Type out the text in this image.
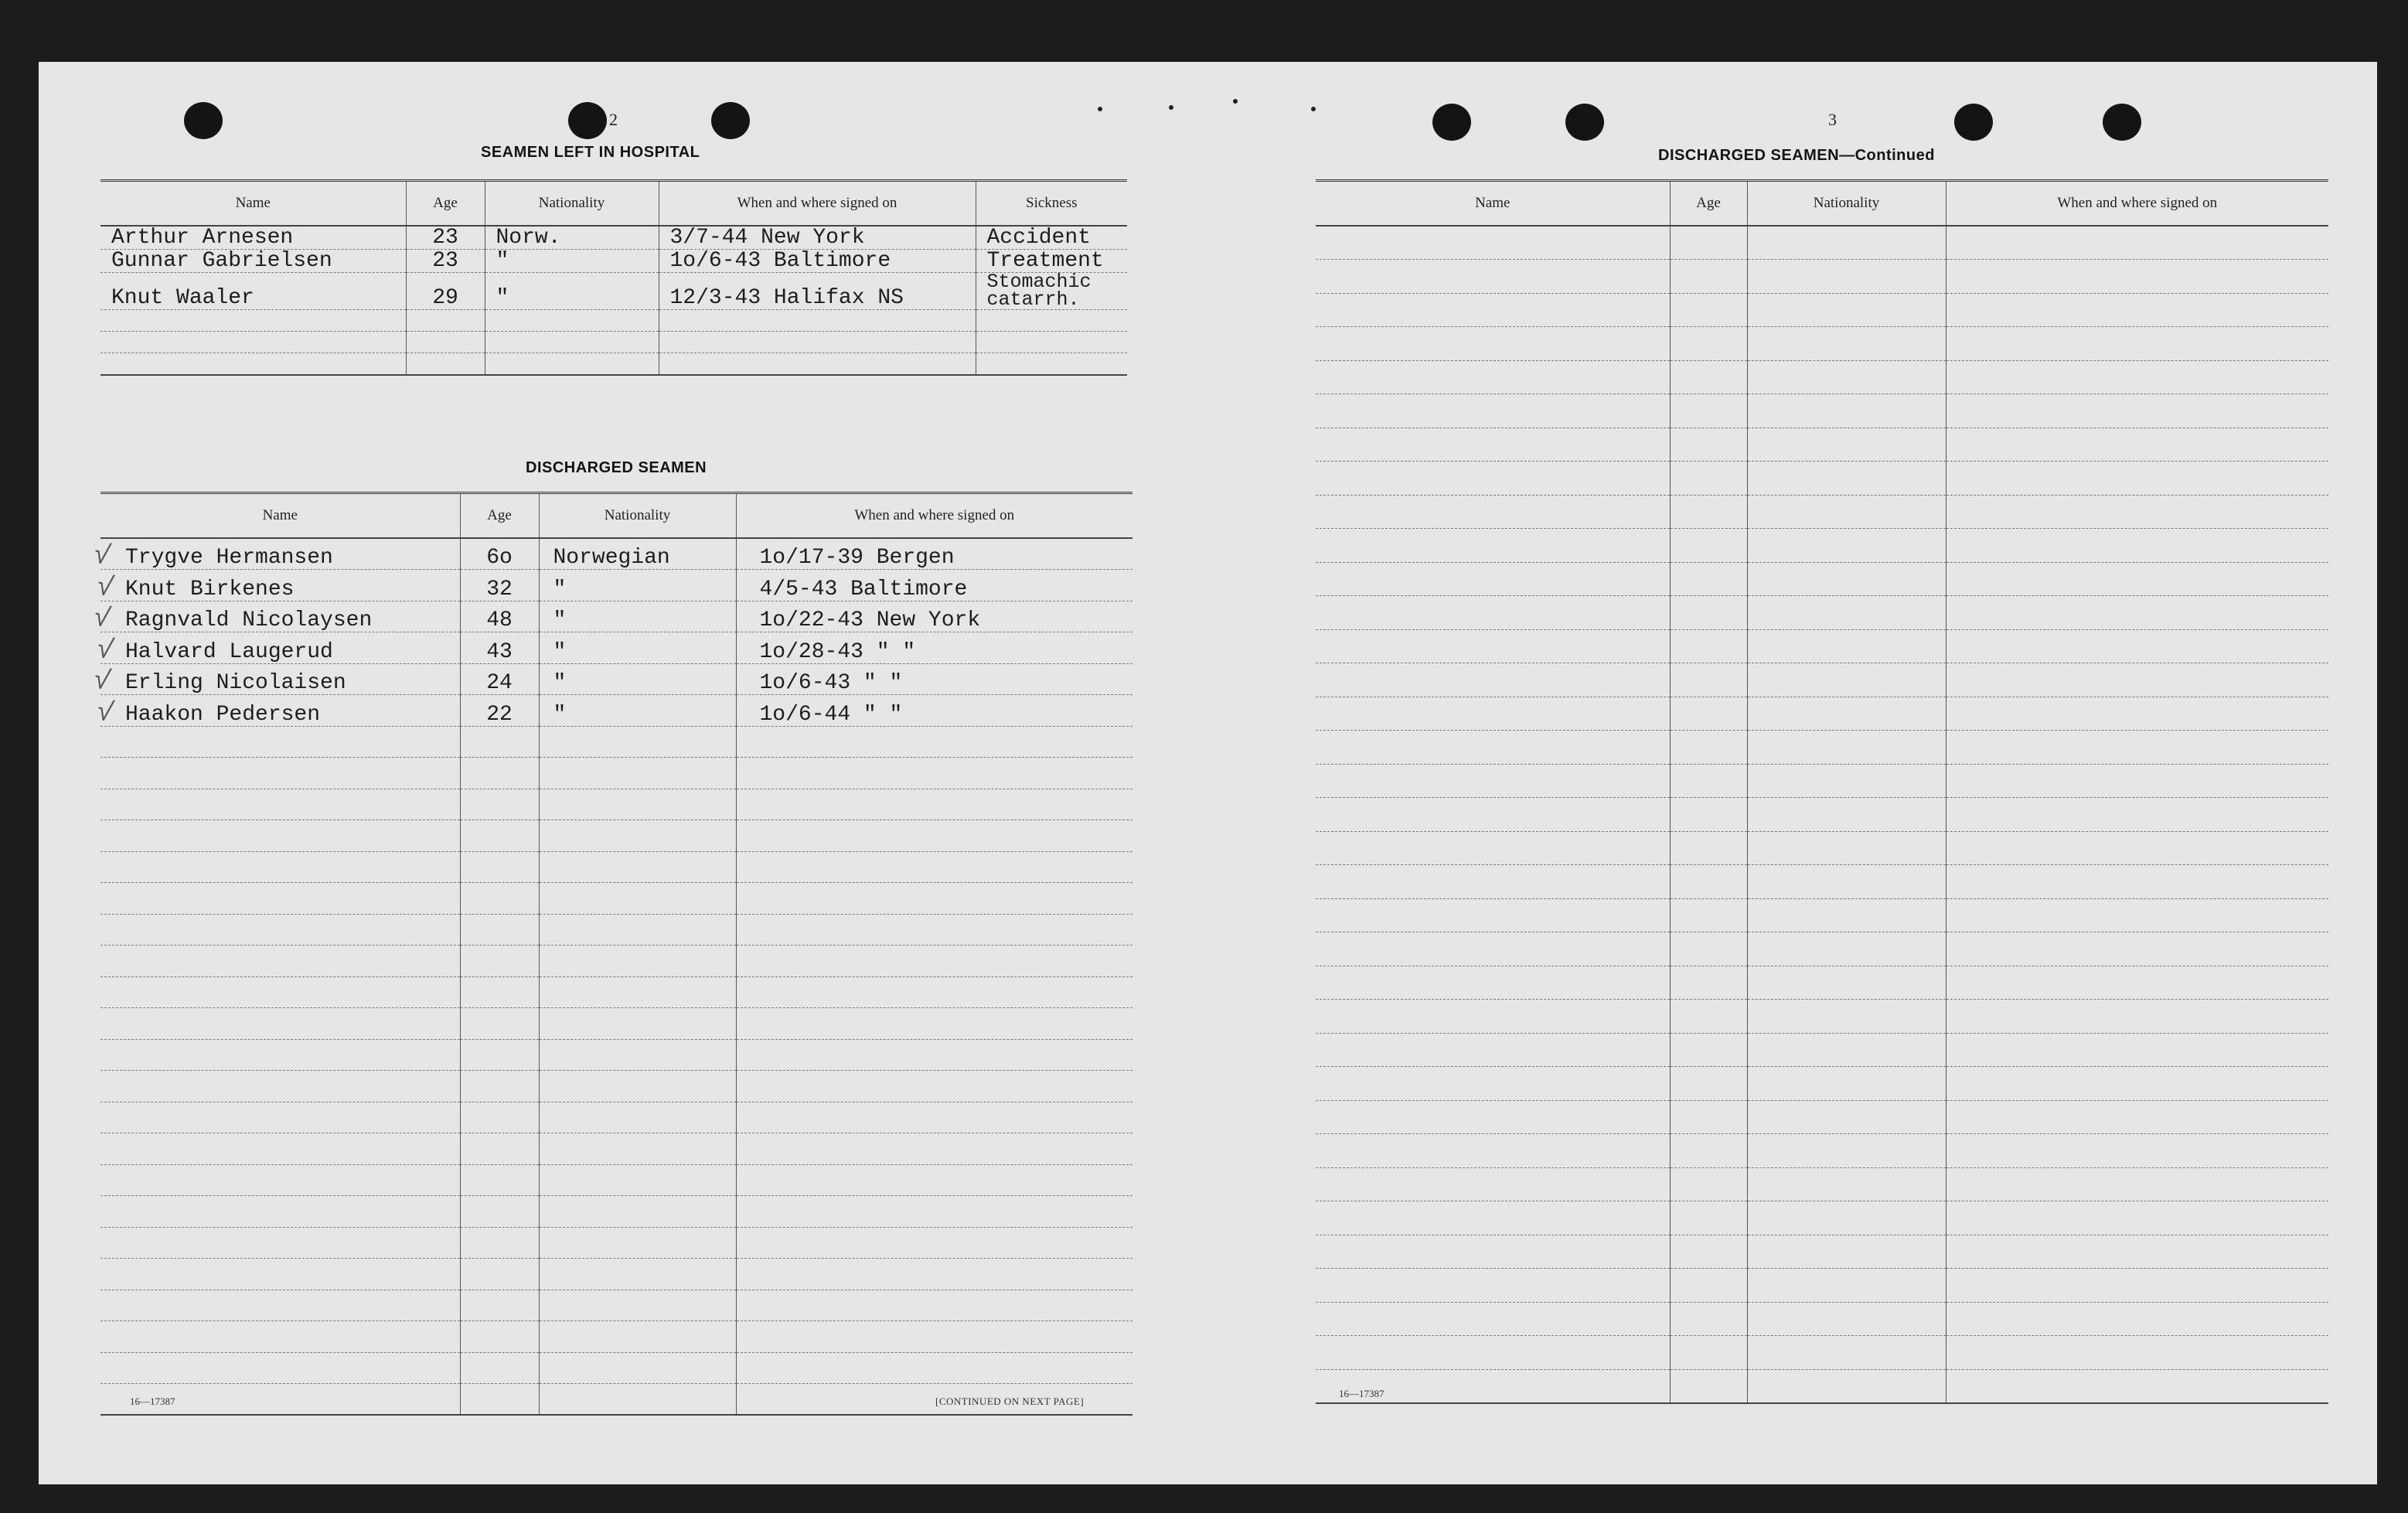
2
SEAMEN LEFT IN HOSPITAL
Name	Age	Nationality	When and where signed on	Sickness
Arthur Arnesen	23	Norw.	3/7-44 New York	Accident
Gunnar Gabrielsen	23	"	1o/6-43 Baltimore	Treatment
Knut Waaler	29	"	12/3-43 Halifax NS	Stomachic catarrh.

DISCHARGED SEAMEN
Name	Age	Nationality	When and where signed on
Trygve Hermansen	6o	Norwegian	1o/17-39 Bergen
Knut Birkenes	32	"	4/5-43 Baltimore
Ragnvald Nicolaysen	48	"	1o/22-43 New York
Halvard Laugerud	43	"	1o/28-43 " "
Erling Nicolaisen	24	"	1o/6-43 " "
Haakon Pedersen	22	"	1o/6-44 " "

√
√
√
√
√
√
16—17387	[CONTINUED ON NEXT PAGE]
3
DISCHARGED SEAMEN—Continued
Name	Age	Nationality	When and where signed on

16—17387
